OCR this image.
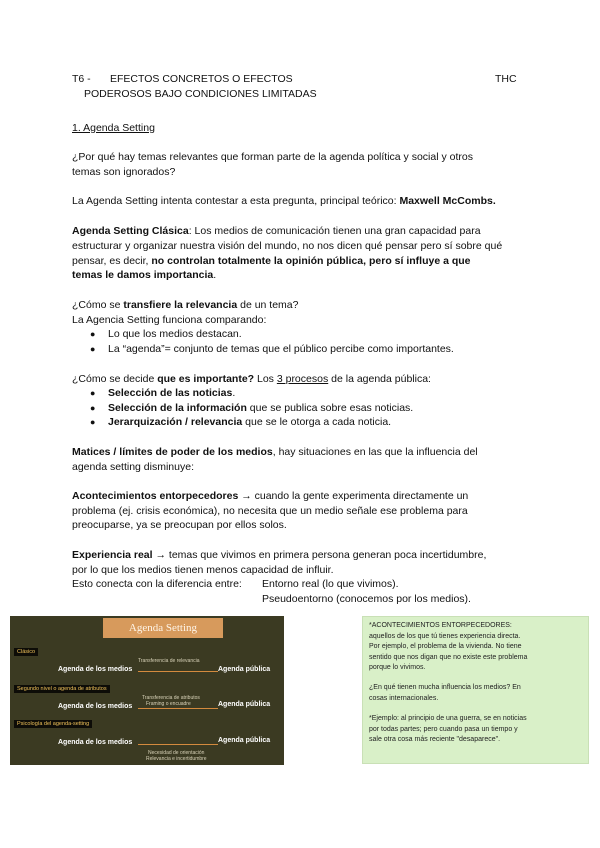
T6 - EFECTOS CONCRETOS O EFECTOS
PODEROSOS BAJO CONDICIONES LIMITADAS
THC
1. Agenda Setting
¿Por qué hay temas relevantes que forman parte de la agenda política y social y otros
temas son ignorados?
La Agenda Setting intenta contestar a esta pregunta, principal teórico: Maxwell McCombs.
Agenda Setting Clásica: Los medios de comunicación tienen una gran capacidad para
estructurar y organizar nuestra visión del mundo, no nos dicen qué pensar pero sí sobre qué
pensar, es decir, no controlan totalmente la opinión pública, pero sí influye a que
temas le damos importancia.
¿Cómo se transfiere la relevancia de un tema?
La Agencia Setting funciona comparando:
● Lo que los medios destacan.
● La “agenda”= conjunto de temas que el público percibe como importantes.
¿Cómo se decide que es importante? Los 3 procesos de la agenda pública:
● Selección de las noticias.
● Selección de la información que se publica sobre esas noticias.
● Jerarquización / relevancia que se le otorga a cada noticia.
Matices / límites de poder de los medios, hay situaciones en las que la influencia del
agenda setting disminuye:
Acontecimientos entorpecedores → cuando la gente experimenta directamente un
problema (ej. crisis económica), no necesita que un medio señale ese problema para
preocuparse, ya se preocupan por ellos solos.
Experiencia real → temas que vivimos en primera persona generan poca incertidumbre,
por lo que los medios tienen menos capacidad de influir.
Esto conecta con la diferencia entre: Entorno real (lo que vivimos).
Pseudoentorno (conocemos por los medios).
Agenda Setting
Clásico
Transferencia de relevancia
Agenda de los medios	Agenda pública
Segundo nivel o agenda de atributos
Transferencia de atributos
Framing o encuadre
Agenda de los medios	Agenda pública
Psicología del agenda-setting
Agenda de los medios	Agenda pública
Necesidad de orientación
Relevancia e incertidumbre
*ACONTECIMIENTOS ENTORPECEDORES:
aquellos de los que tú tienes experiencia directa.
Por ejemplo, el problema de la vivienda. No tiene
sentido que nos digan que no existe este problema
porque lo vivimos.
¿En qué tienen mucha influencia los medios? En
cosas internacionales.
*Ejemplo: al principio de una guerra, se en noticias
por todas partes; pero cuando pasa un tiempo y
sale otra cosa más reciente "desaparece".
